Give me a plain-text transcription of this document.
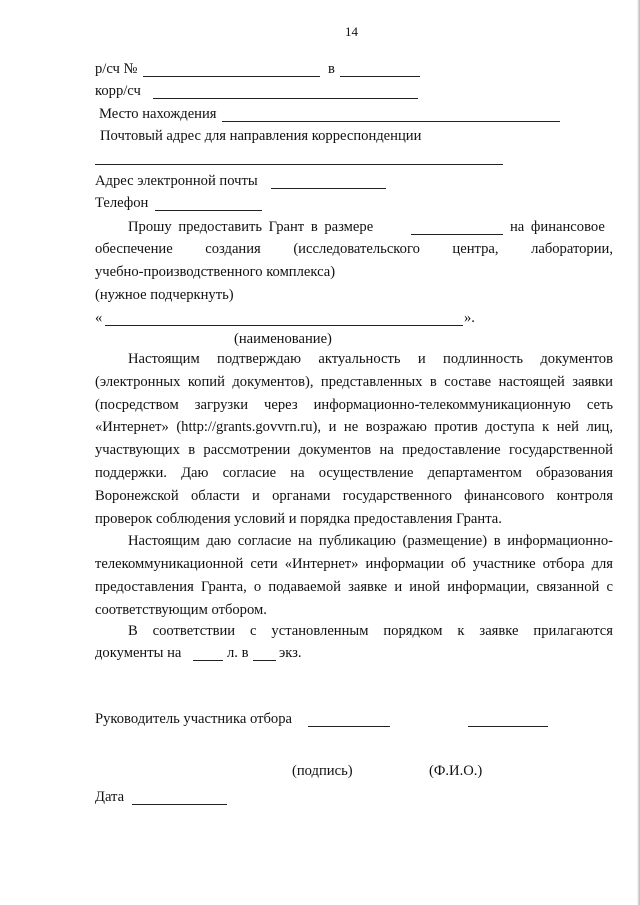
14
р/сч №	в
корр/сч
Место нахождения
Почтовый адрес для направления корреспонденции
Адрес электронной почты
Телефон
Прошу предоставить Грант в размере	на финансовое
обеспечение создания (исследовательского центра, лаборатории,
учебно-производственного комплекса)
(нужное подчеркнуть)
«	».
(наименование)
Настоящим подтверждаю актуальность и подлинность документов
(электронных копий документов), представленных в составе настоящей заявки
(посредством загрузки через информационно-телекоммуникационную сеть
«Интернет» (http://grants.govvrn.ru), и не возражаю против доступа к ней лиц,
участвующих в рассмотрении документов на предоставление государственной
поддержки. Даю согласие на осуществление департаментом образования
Воронежской области и органами государственного финансового контроля
проверок соблюдения условий и порядка предоставления Гранта.
Настоящим даю согласие на публикацию (размещение) в информационно-
телекоммуникационной сети «Интернет» информации об участнике отбора для
предоставления Гранта, о подаваемой заявке и иной информации, связанной с
соответствующим отбором.
В соответствии с установленным порядком к заявке прилагаются
документы на	л. в экз.
Руководитель участника отбора
(подпись)	(Ф.И.О.)
Дата
